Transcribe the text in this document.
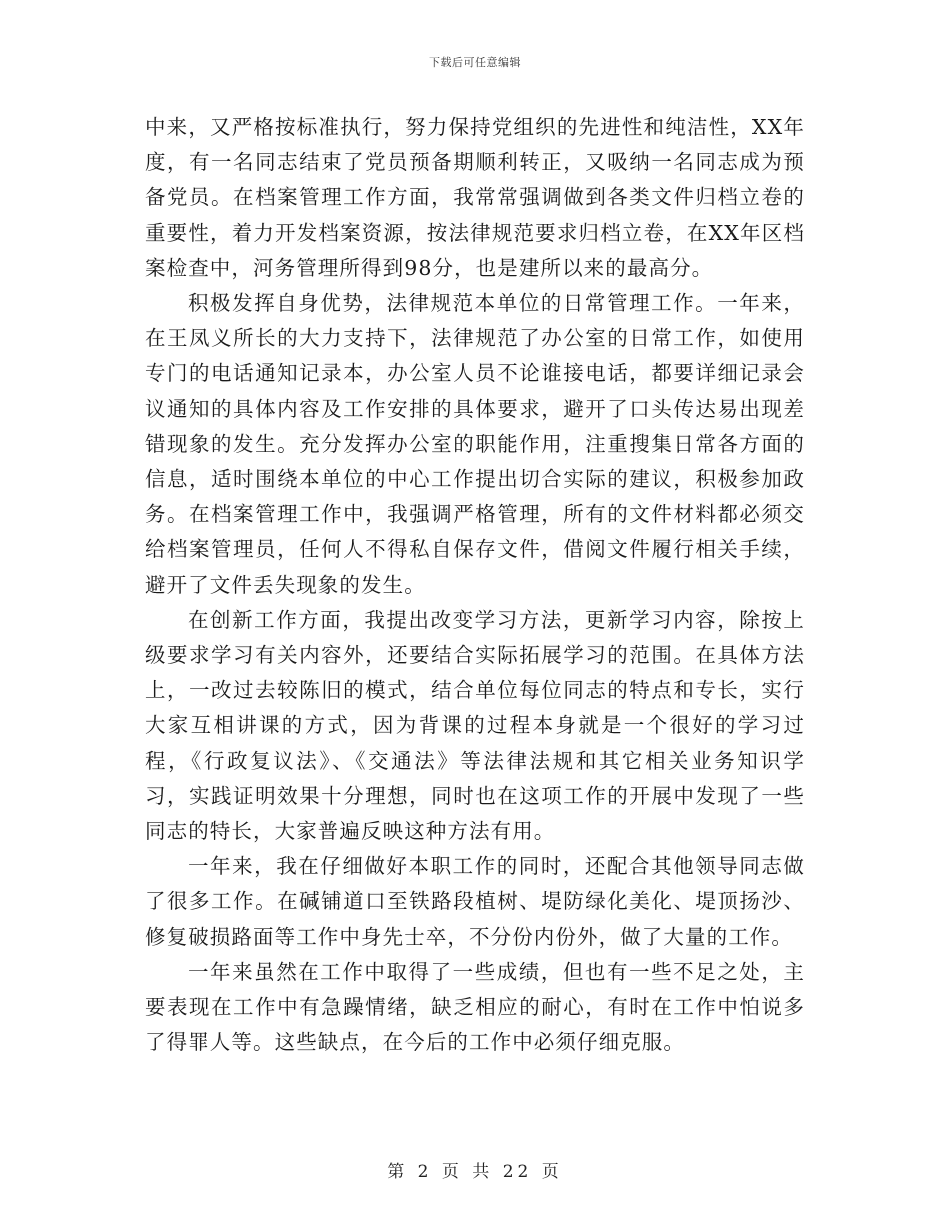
下载后可任意编辑

中来，又严格按标准执行，努力保持党组织的先进性和纯洁性，XX年度，有一名同志结束了党员预备期顺利转正，又吸纳一名同志成为预备党员。在档案管理工作方面，我常常强调做到各类文件归档立卷的重要性，着力开发档案资源，按法律规范要求归档立卷，在XX年区档案检查中，河务管理所得到98分，也是建所以来的最高分。

积极发挥自身优势，法律规范本单位的日常管理工作。一年来，在王凤义所长的大力支持下，法律规范了办公室的日常工作，如使用专门的电话通知记录本，办公室人员不论谁接电话，都要详细记录会议通知的具体内容及工作安排的具体要求，避开了口头传达易出现差错现象的发生。充分发挥办公室的职能作用，注重搜集日常各方面的信息，适时围绕本单位的中心工作提出切合实际的建议，积极参加政务。在档案管理工作中，我强调严格管理，所有的文件材料都必须交给档案管理员，任何人不得私自保存文件，借阅文件履行相关手续，避开了文件丢失现象的发生。

在创新工作方面，我提出改变学习方法，更新学习内容，除按上级要求学习有关内容外，还要结合实际拓展学习的范围。在具体方法上，一改过去较陈旧的模式，结合单位每位同志的特点和专长，实行大家互相讲课的方式，因为背课的过程本身就是一个很好的学习过程，《行政复议法》、《交通法》等法律法规和其它相关业务知识学习，实践证明效果十分理想，同时也在这项工作的开展中发现了一些同志的特长，大家普遍反映这种方法有用。

一年来，我在仔细做好本职工作的同时，还配合其他领导同志做了很多工作。在碱铺道口至铁路段植树、堤防绿化美化、堤顶扬沙、修复破损路面等工作中身先士卒，不分份内份外，做了大量的工作。

一年来虽然在工作中取得了一些成绩，但也有一些不足之处，主要表现在工作中有急躁情绪，缺乏相应的耐心，有时在工作中怕说多了得罪人等。这些缺点，在今后的工作中必须仔细克服。

第 2 页 共 22 页
